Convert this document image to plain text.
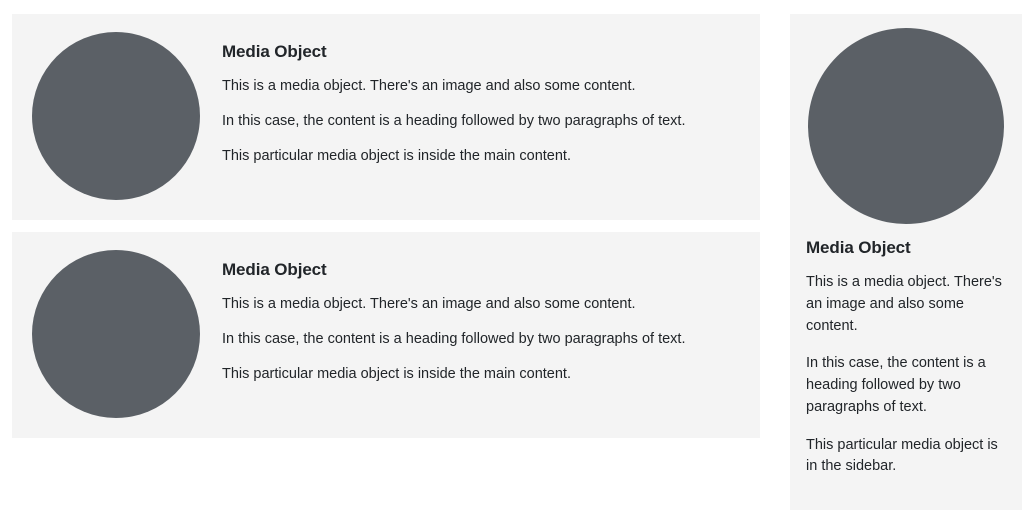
Media Object

This is a media object. There's an image and also some content.

In this case, the content is a heading followed by two paragraphs of text.

This particular media object is inside the main content.

Media Object

This is a media object. There's an image and also some content.

In this case, the content is a heading followed by two paragraphs of text.

This particular media object is inside the main content.

Media Object

This is a media object. There's an image and also some content.

In this case, the content is a heading followed by two paragraphs of text.

This particular media object is in the sidebar.
